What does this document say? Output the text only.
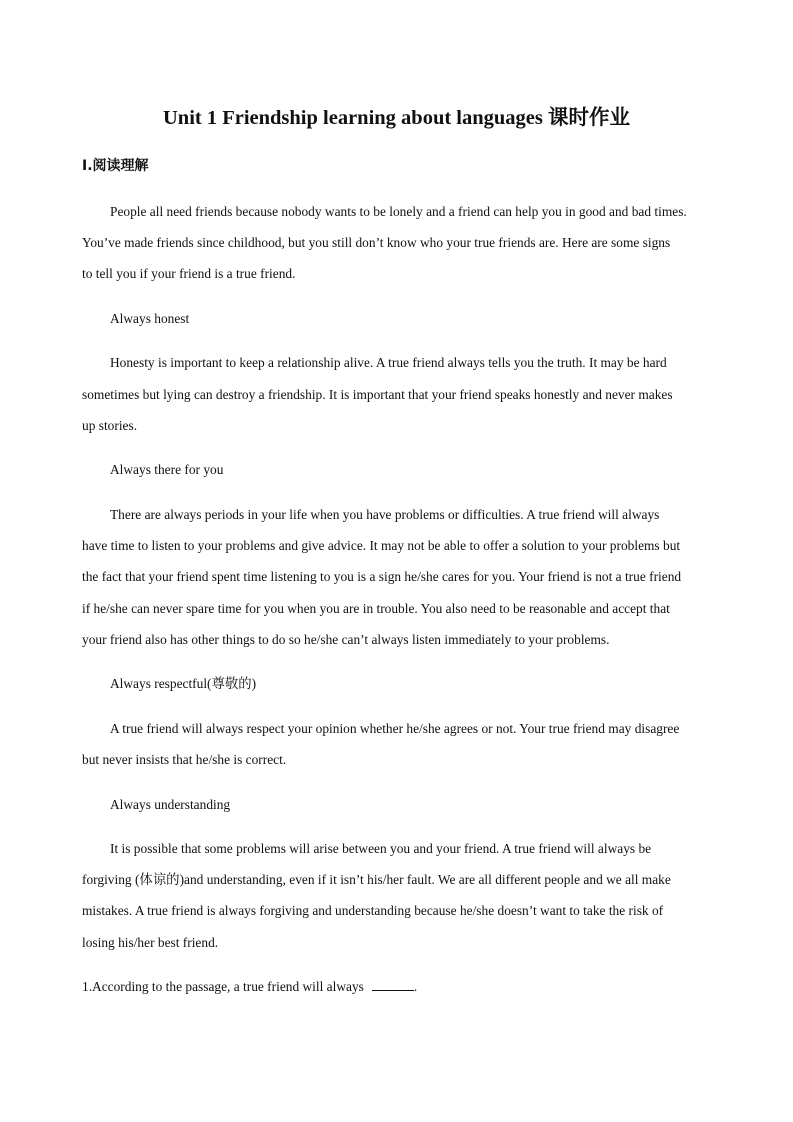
Unit 1 Friendship learning about languages 课时作业
Ⅰ.阅读理解
People all need friends because nobody wants to be lonely and a friend can help you in good and bad times.
You’ve made friends since childhood, but you still don’t know who your true friends are. Here are some signs
to tell you if your friend is a true friend.
Always honest
Honesty is important to keep a relationship alive. A true friend always tells you the truth. It may be hard
sometimes but lying can destroy a friendship. It is important that your friend speaks honestly and never makes
up stories.
Always there for you
There are always periods in your life when you have problems or difficulties. A true friend will always
have time to listen to your problems and give advice. It may not be able to offer a solution to your problems but
the fact that your friend spent time listening to you is a sign he/she cares for you. Your friend is not a true friend
if he/she can never spare time for you when you are in trouble. You also need to be reasonable and accept that
your friend also has other things to do so he/she can’t always listen immediately to your problems.
Always respectful(尊敬的)
A true friend will always respect your opinion whether he/she agrees or not. Your true friend may disagree
but never insists that he/she is correct.
Always understanding
It is possible that some problems will arise between you and your friend. A true friend will always be
forgiving (体谅的)and understanding, even if it isn’t his/her fault. We are all different people and we all make
mistakes. A true friend is always forgiving and understanding because he/she doesn’t want to take the risk of
losing his/her best friend.
1.According to the passage, a true friend will always	.
